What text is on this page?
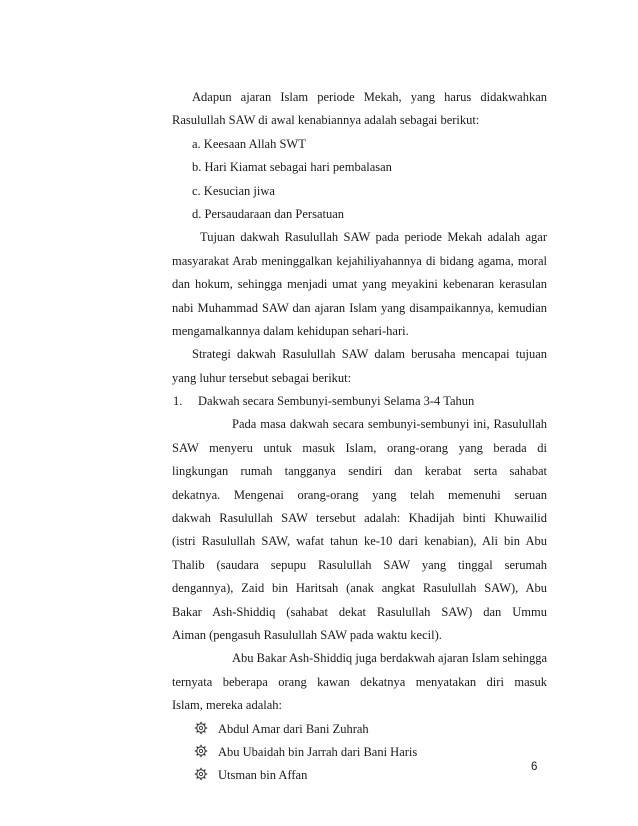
Adapun ajaran Islam periode Mekah, yang harus didakwahkan
Rasulullah SAW di awal kenabiannya adalah sebagai berikut:
a. Keesaan Allah SWT
b. Hari Kiamat sebagai hari pembalasan
c. Kesucian jiwa
d. Persaudaraan dan Persatuan
Tujuan dakwah Rasulullah SAW pada periode Mekah adalah agar
masyarakat Arab meninggalkan kejahiliyahannya di bidang agama, moral
dan hokum, sehingga menjadi umat yang meyakini kebenaran kerasulan
nabi Muhammad SAW dan ajaran Islam yang disampaikannya, kemudian
mengamalkannya dalam kehidupan sehari-hari.
Strategi dakwah Rasulullah SAW dalam berusaha mencapai tujuan
yang luhur tersebut sebagai berikut:
1. Dakwah secara Sembunyi-sembunyi Selama 3-4 Tahun
Pada masa dakwah secara sembunyi-sembunyi ini, Rasulullah
SAW menyeru untuk masuk Islam, orang-orang yang berada di
lingkungan rumah tangganya sendiri dan kerabat serta sahabat
dekatnya. Mengenai orang-orang yang telah memenuhi seruan
dakwah Rasulullah SAW tersebut adalah: Khadijah binti Khuwailid
(istri Rasulullah SAW, wafat tahun ke-10 dari kenabian), Ali bin Abu
Thalib (saudara sepupu Rasulullah SAW yang tinggal serumah
dengannya), Zaid bin Haritsah (anak angkat Rasulullah SAW), Abu
Bakar Ash-Shiddiq (sahabat dekat Rasulullah SAW) dan Ummu
Aiman (pengasuh Rasulullah SAW pada waktu kecil).
Abu Bakar Ash-Shiddiq juga berdakwah ajaran Islam sehingga
ternyata beberapa orang kawan dekatnya menyatakan diri masuk
Islam, mereka adalah:
Abdul Amar dari Bani Zuhrah
Abu Ubaidah bin Jarrah dari Bani Haris
Utsman bin Affan
6
